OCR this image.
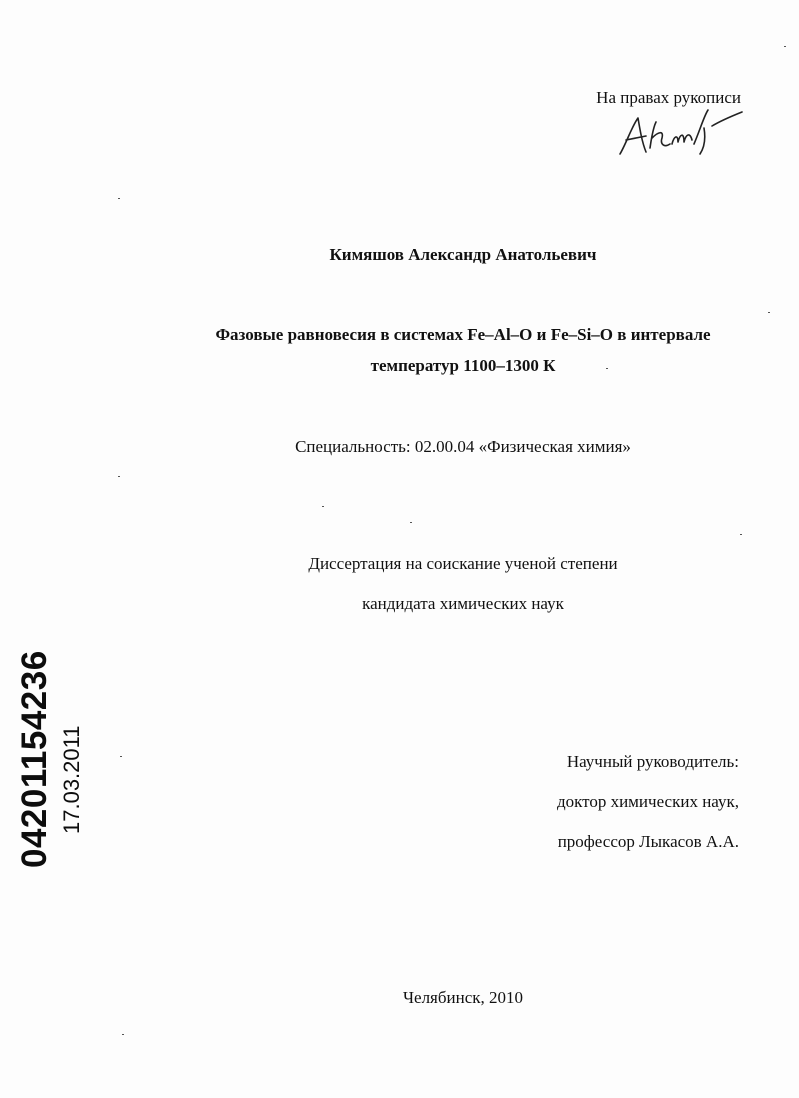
На правах рукописи
Кимяшов Александр Анатольевич
Фазовые равновесия в системах Fe–Al–O и Fe–Si–O в интервале
температур 1100–1300 К
Специальность: 02.00.04 «Физическая химия»
Диссертация на соискание ученой степени
кандидата химических наук
Научный руководитель:
доктор химических наук,
профессор Лыкасов А.А.
Челябинск, 2010
04201154236 17.03.2011
